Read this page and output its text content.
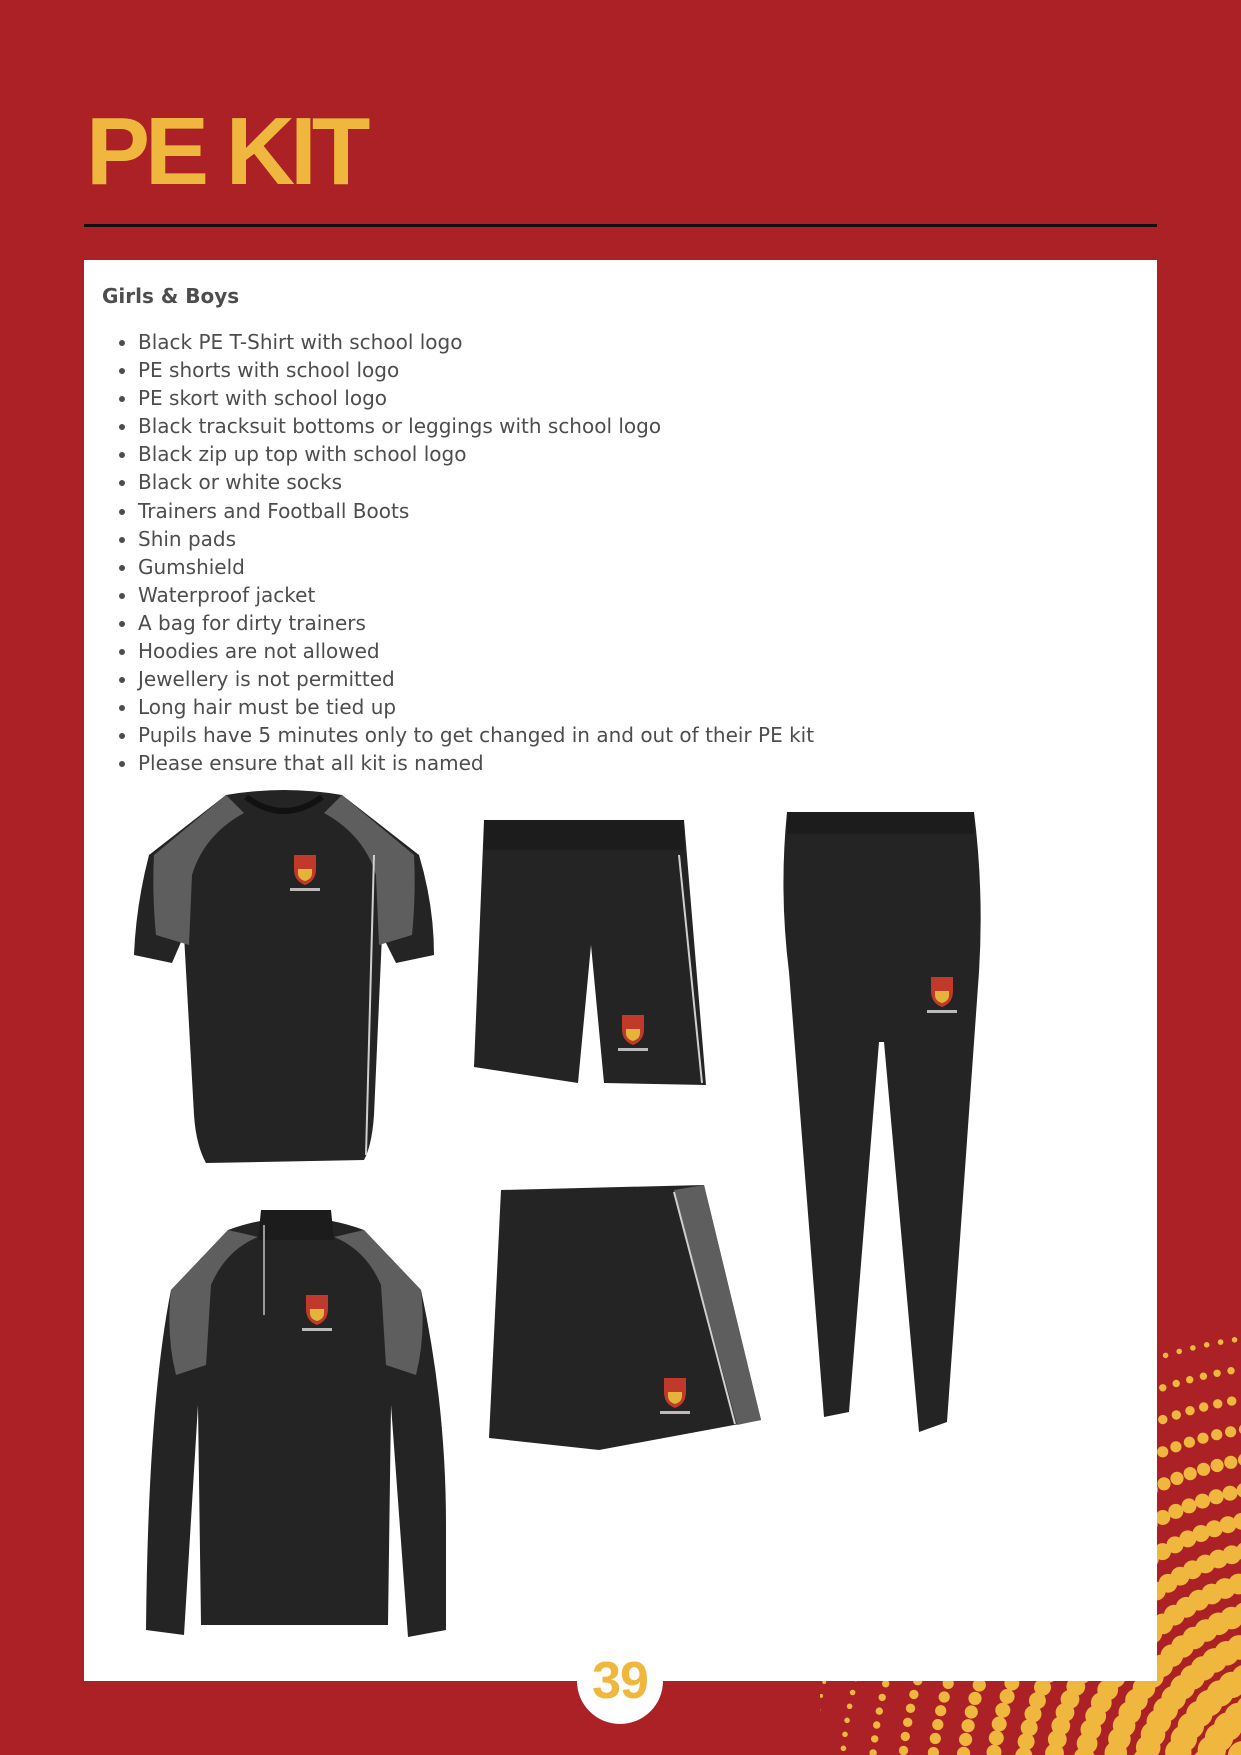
PE KIT
Girls & Boys
Black PE T-Shirt with school logo
PE shorts with school logo
PE skort with school logo
Black tracksuit bottoms or leggings with school logo
Black zip up top with school logo
Black or white socks
Trainers and Football Boots
Shin pads
Gumshield
Waterproof jacket
A bag for dirty trainers
Hoodies are not allowed
Jewellery is not permitted
Long hair must be tied up
Pupils have 5 minutes only to get changed in and out of their PE kit
Please ensure that all kit is named
39
